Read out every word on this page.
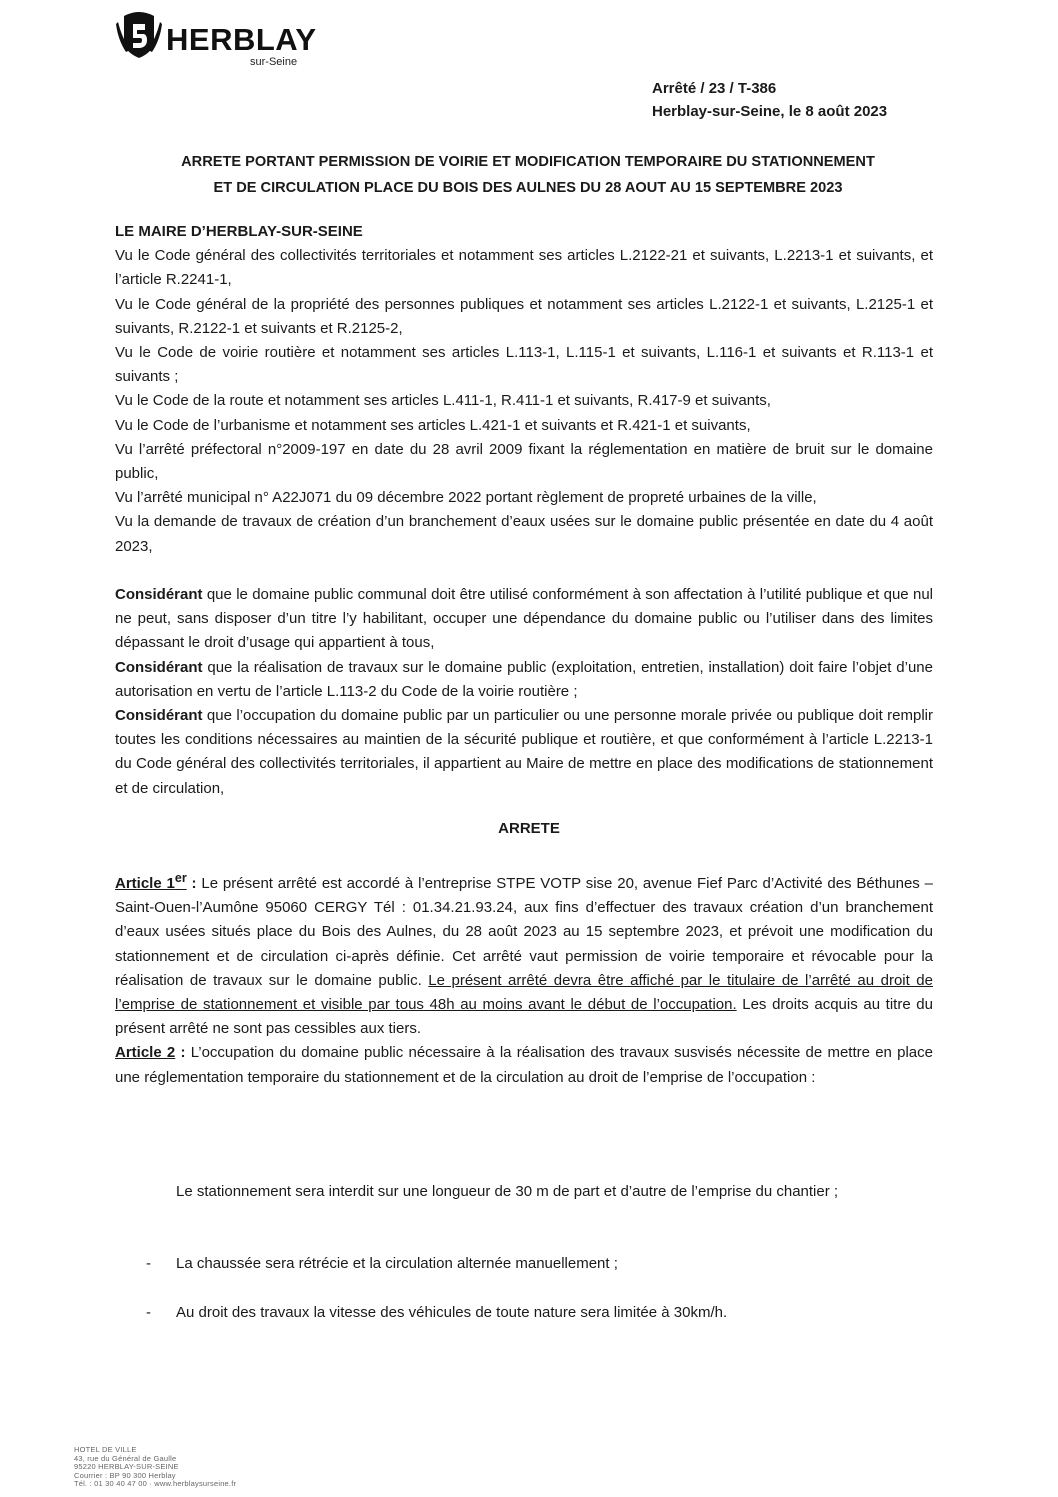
HERBLAY
sur-Seine
Arrêté / 23 / T-386
Herblay-sur-Seine, le 8 août 2023
ARRETE PORTANT PERMISSION DE VOIRIE ET MODIFICATION TEMPORAIRE DU STATIONNEMENT
ET DE CIRCULATION PLACE DU BOIS DES AULNES DU 28 AOUT AU 15 SEPTEMBRE 2023

LE MAIRE D’HERBLAY-SUR-SEINE

Vu le Code général des collectivités territoriales et notamment ses articles L.2122-21 et suivants, L.2213-1 et suivants, et l’article R.2241-1,

Vu le Code général de la propriété des personnes publiques et notamment ses articles L.2122-1 et suivants, L.2125-1 et suivants, R.2122-1 et suivants et R.2125-2,

Vu le Code de voirie routière et notamment ses articles L.113-1, L.115-1 et suivants, L.116-1 et suivants et R.113-1 et suivants ;

Vu le Code de la route et notamment ses articles L.411-1, R.411-1 et suivants, R.417-9 et suivants,

Vu le Code de l’urbanisme et notamment ses articles L.421-1 et suivants et R.421-1 et suivants,

Vu l’arrêté préfectoral n°2009-197 en date du 28 avril 2009 fixant la réglementation en matière de bruit sur le domaine public,

Vu l’arrêté municipal n° A22J071 du 09 décembre 2022 portant règlement de propreté urbaines de la ville,

Vu la demande de travaux de création d’un branchement d’eaux usées sur le domaine public présentée en date du 4 août 2023,

Considérant que le domaine public communal doit être utilisé conformément à son affectation à l’utilité publique et que nul ne peut, sans disposer d’un titre l’y habilitant, occuper une dépendance du domaine public ou l’utiliser dans des limites dépassant le droit d’usage qui appartient à tous,

Considérant que la réalisation de travaux sur le domaine public (exploitation, entretien, installation) doit faire l’objet d’une autorisation en vertu de l’article L.113-2 du Code de la voirie routière ;

Considérant que l’occupation du domaine public par un particulier ou une personne morale privée ou publique doit remplir toutes les conditions nécessaires au maintien de la sécurité publique et routière, et que conformément à l’article L.2213-1 du Code général des collectivités territoriales, il appartient au Maire de mettre en place des modifications de stationnement et de circulation,

ARRETE

Article 1er : Le présent arrêté est accordé à l’entreprise STPE VOTP sise 20, avenue Fief Parc d’Activité des Béthunes – Saint-Ouen-l’Aumône 95060 CERGY Tél : 01.34.21.93.24, aux fins d’effectuer des travaux création d’un branchement d’eaux usées situés place du Bois des Aulnes, du 28 août 2023 au 15 septembre 2023, et prévoit une modification du stationnement et de circulation ci-après définie. Cet arrêté vaut permission de voirie temporaire et révocable pour la réalisation de travaux sur le domaine public. Le présent arrêté devra être affiché par le titulaire de l’arrêté au droit de l’emprise de stationnement et visible par tous 48h au moins avant le début de l’occupation. Les droits acquis au titre du présent arrêté ne sont pas cessibles aux tiers.

Article 2 : L’occupation du domaine public nécessaire à la réalisation des travaux susvisés nécessite de mettre en place une réglementation temporaire du stationnement et de la circulation au droit de l’emprise de l’occupation :

Le stationnement sera interdit sur une longueur de 30 m de part et d’autre de l’emprise du chantier ;
-	La chaussée sera rétrécie et la circulation alternée manuellement ;
-	Au droit des travaux la vitesse des véhicules de toute nature sera limitée à 30km/h.
HOTEL DE VILLE
43, rue du Général de Gaulle
95220 HERBLAY-SUR-SEINE
Courrier : BP 90 300 Herblay
Tél. : 01 30 40 47 00 · www.herblaysurseine.fr
